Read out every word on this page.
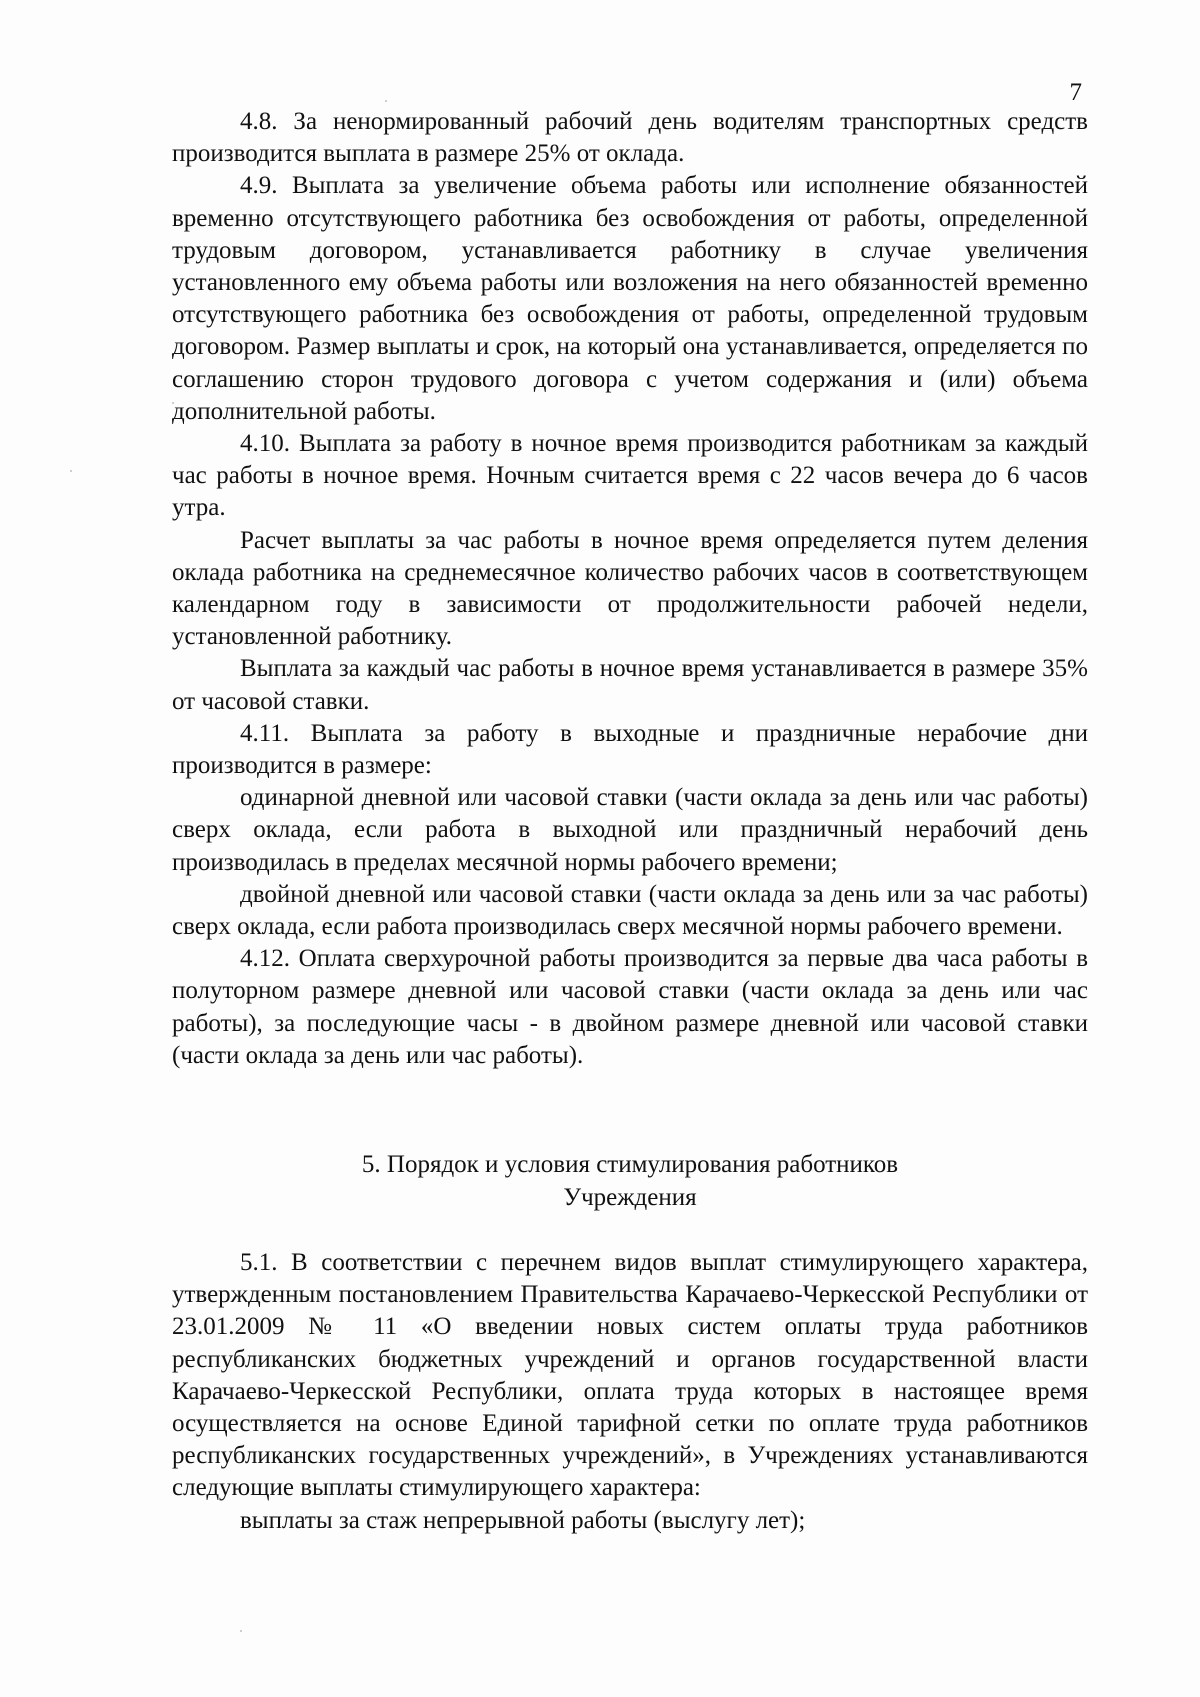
7

4.8. За ненормированный рабочий день водителям транспортных средств производится выплата в размере 25% от оклада.

4.9. Выплата за увеличение объема работы или исполнение обязанностей временно отсутствующего работника без освобождения от работы, определенной трудовым договором, устанавливается работнику в случае увеличения установленного ему объема работы или возложения на него обязанностей временно отсутствующего работника без освобождения от работы, определенной трудовым договором. Размер выплаты и срок, на который она устанавливается, определяется по соглашению сторон трудового договора с учетом содержания и (или) объема дополнительной работы.

4.10. Выплата за работу в ночное время производится работникам за каждый час работы в ночное время. Ночным считается время с 22 часов вечера до 6 часов утра.

Расчет выплаты за час работы в ночное время определяется путем деления оклада работника на среднемесячное количество рабочих часов в соответствующем календарном году в зависимости от продолжительности рабочей недели, установленной работнику.

Выплата за каждый час работы в ночное время устанавливается в размере 35% от часовой ставки.

4.11. Выплата за работу в выходные и праздничные нерабочие дни производится в размере:

одинарной дневной или часовой ставки (части оклада за день или час работы) сверх оклада, если работа в выходной или праздничный нерабочий день производилась в пределах месячной нормы рабочего времени;

двойной дневной или часовой ставки (части оклада за день или за час работы) сверх оклада, если работа производилась сверх месячной нормы рабочего времени.

4.12. Оплата сверхурочной работы производится за первые два часа работы в полуторном размере дневной или часовой ставки (части оклада за день или час работы), за последующие часы - в двойном размере дневной или часовой ставки (части оклада за день или час работы).

5. Порядок и условия стимулирования работников
Учреждения

5.1. В соответствии с перечнем видов выплат стимулирующего характера, утвержденным постановлением Правительства Карачаево-Черкесской Республики от 23.01.2009 № 11 «О введении новых систем оплаты труда работников республиканских бюджетных учреждений и органов государственной власти Карачаево-Черкесской Республики, оплата труда которых в настоящее время осуществляется на основе Единой тарифной сетки по оплате труда работников республиканских государственных учреждений», в Учреждениях устанавливаются следующие выплаты стимулирующего характера:

выплаты за стаж непрерывной работы (выслугу лет);
